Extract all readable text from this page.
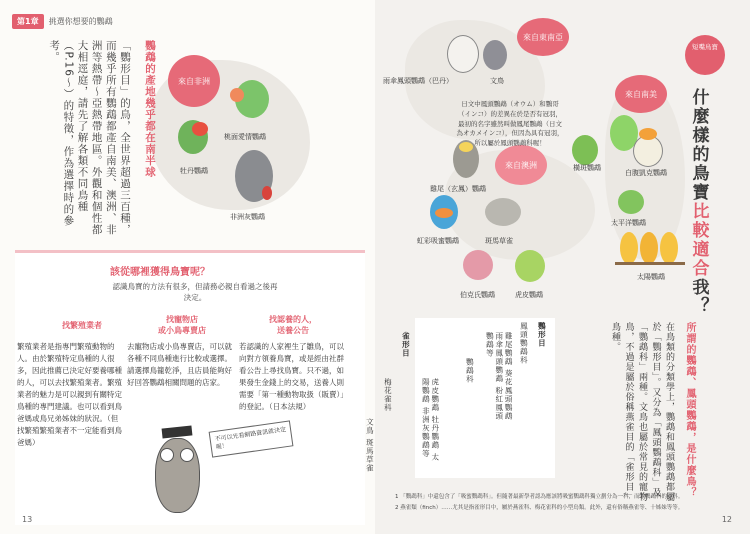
第1章	挑選你想要的鸚鵡
「鸚形目」的鳥，全世界超過三百種，而幾乎所有鸚鵡都產自南美、澳洲、非洲等熱帶～亞熱帶地區。外觀和個性都大相逕庭，請先了解各類不同鳥種（P.16～）的特徵，作為選擇時的參考。	鸚鵡的產地幾乎都在南半球	來自非洲
桃面愛情鸚鵡
牡丹鸚鵡
非洲灰鸚鵡
該從哪裡獲得鳥寶呢？
認識鳥寶的方法有很多，但請務必親自看過之後再決定。
找繁殖業者
繁殖業者是指專門繁殖動物的人。由於繁殖特定鳥種的人很多，因此推薦已決定好要養哪種的人，可以去找繁殖業者。繁殖業者的魅力是可以親到有關特定鳥種的專門建議。也可以看到鳥爸媽或鳥兄弟姊妹的狀況。（但找繁殖繁殖業者不一定能看到鳥爸媽）
找寵物店
或小鳥專賣店
去寵物店或小鳥專賣店，可以就各種不同鳥種進行比較或選擇。請選擇鳥籠乾淨，且店員能夠好好回答鸚鵡相關問題的店家。
找認養的人，
送養公告
若認識的人家裡生了雛鳥，可以向對方領養鳥寶，或是經由社群看公告上尋找鳥寶。只不過，如果發生金錢上的交易，送養人則需要「第一種動物取扱（販賣）」的登記。（日本法規）
不可以光看網路資訊就決定喔！
13
短嘴鳥寶
什麼樣的鳥寶比較適合我？
來自東南亞
來自南美
來自澳洲
雨傘鳳頭鸚鵡（巴丹）	文鳥
日文中鳳頭鸚鵡（オウム）和鸚哥（インコ）的差異在於是否有冠羽，最初的名字雖然叫做鳳尾鸚鵡（日文為オカメインコ），但因為具有冠羽，所以屬於鳳頭鸚鵡科喔！
雞尾（玄鳳）鸚鵡
虹彩吸蜜鸚鵡	斑馬草雀
伯克氏鸚鵡	虎皮鸚鵡
橫斑鸚鵡
白腹凱克鸚鵡
太平洋鸚鵡
太陽鸚鵡
鸚形目
鳳頭鸚鵡科
雞尾鸚鵡 葵花鳳頭鸚鵡 雨傘鳳頭鸚鵡 粉紅鳳頭鸚鵡等
鸚鵡科
虎皮鸚鵡 牡丹鸚鵡 太陽鸚鵡 非洲灰鸚鵡等
雀形目
梅花雀科
文鳥 斑馬草雀	在鳥類的分類學上，鸚鵡和鳳頭鸚鵡都屬於「鸚形目」。又分為「鳳頭鸚鵡科」及「鸚鵡科」兩種。文鳥也屬於常見的寵物鳥，不過是屬於俗稱燕雀目的「雀形目」鳥種。	所謂的鸚鵡、鳳頭鸚鵡，是什麼鳥？
1 「鸚鵡科」中還包含了「吸蜜鸚鵡科」。但隨著最新學者認為應該將吸蜜鸚鵡科獨立劃分為一科，而非鸚鵡科的亞科。
2 燕雀類（finch）……尤其是指雀形目中，屬於燕雀科、梅花雀科的小型鳥類。此外，還有俗稱燕雀等、十姊妹等等。
12
